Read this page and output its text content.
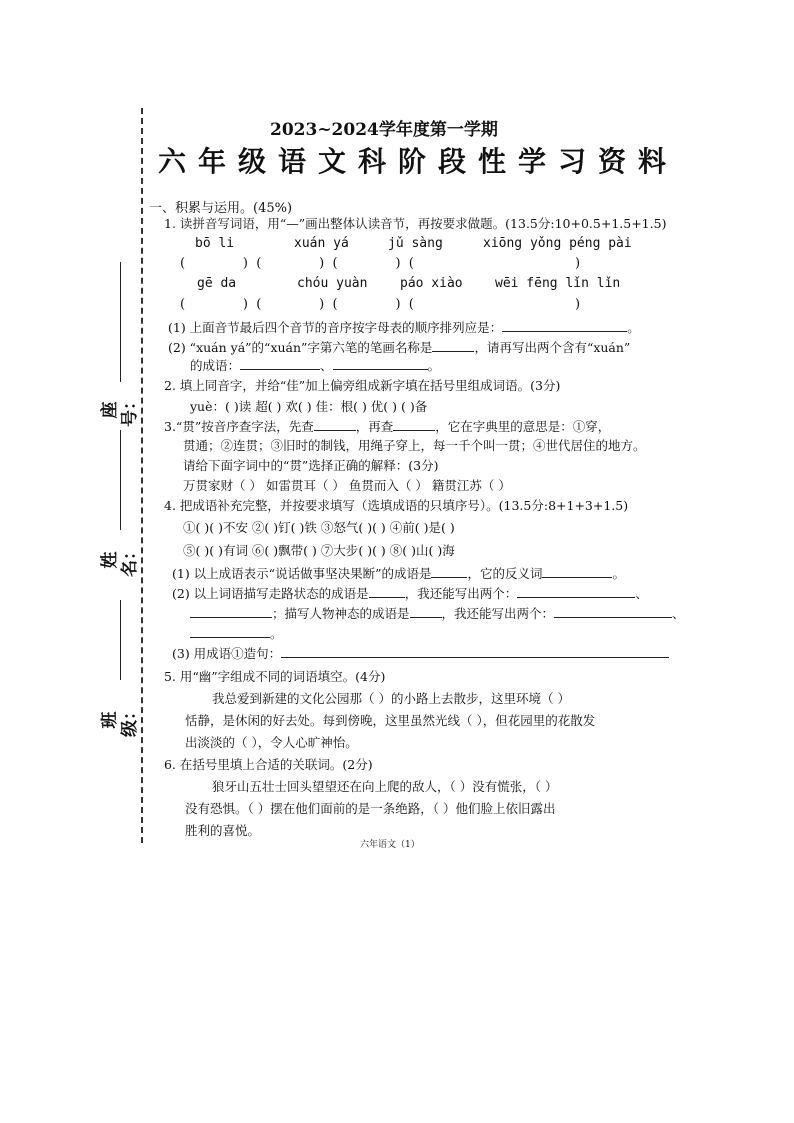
座号：
姓名：
班级：
2023~2024学年度第一学期
六年级语文科阶段性学习资料
一、积累与运用。(45%)
1. 读拼音写词语，用“—”画出整体认读音节，再按要求做题。(13.5分:10+0.5+1.5+1.5)
bō li	xuán yá	jǔ sàng	xiōng yǒng péng pài
(              )  (              )  (              )  (                                       )
gē da	chóu yuàn	páo xiào wēi fēng lǐn lǐn
(              )  (              )  (              )  (                                       )
(1) 上面音节最后四个音节的音序按字母表的顺序排列应是：	。
(2) “xuán yá”的“xuán”字第六笔的笔画名称是	，请再写出两个含有“xuán”
的成语：	、	。
2. 填上同音字，并给“佳”加上偏旁组成新字填在括号里组成词语。(3分)
yuè：( )读 超( ) 欢( ) 佳：根( ) 优( ) ( )备
3.“贯”按音序查字法，先查	，再查	，它在字典里的意思是：①穿，
贯通；②连贯；③旧时的制钱，用绳子穿上，每一千个叫一贯；④世代居住的地方。
请给下面字词中的“贯”选择正确的解释：(3分)
万贯家财（ ） 如雷贯耳（ ） 鱼贯而入（ ） 籍贯江苏（ ）
4. 把成语补充完整，并按要求填写（选填成语的只填序号）。(13.5分:8+1+3+1.5)
①( )( )不安 ②( )钉( )铁 ③怒气( )( ) ④前( )是( )
⑤( )( )有词 ⑥( )飘带( ) ⑦大步( )( ) ⑧( )山( )海
(1) 以上成语表示“说话做事坚决果断”的成语是	，它的反义词	。
(2) 以上词语描写走路状态的成语是	，我还能写出两个：	、
；描写人物神态的成语是	，我还能写出两个：	、
。
(3) 用成语①造句：
5. 用“幽”字组成不同的词语填空。(4分)
我总爱到新建的文化公园那（ ）的小路上去散步，这里环境（ ）
恬静，是休闲的好去处。每到傍晚，这里虽然光线（ ），但花园里的花散发
出淡淡的（ ），令人心旷神怡。
6. 在括号里填上合适的关联词。(2分)
狼牙山五壮士回头望望还在向上爬的敌人，（ ）没有慌张，（ ）
没有恐惧。（ ）摆在他们面前的是一条绝路，（ ）他们脸上依旧露出
胜利的喜悦。
六年语文（1）
